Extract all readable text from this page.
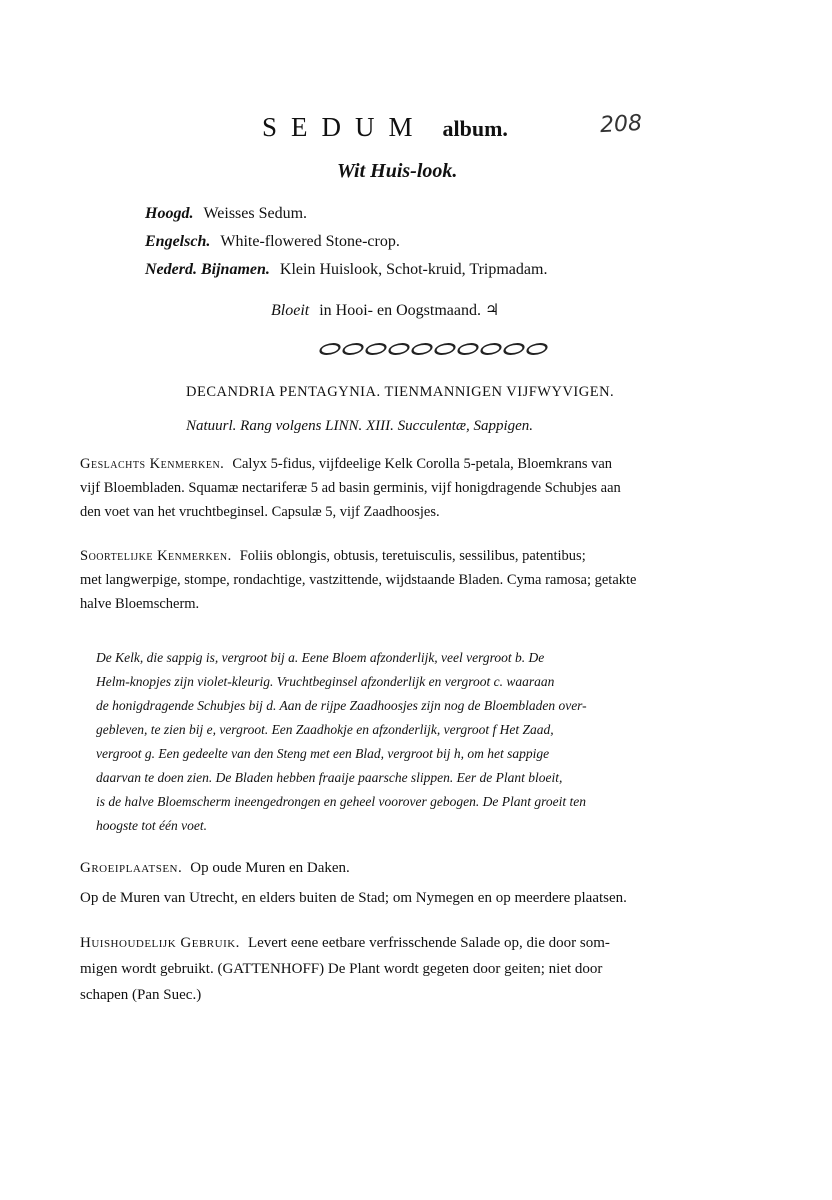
SEDUM album.	208
Wit Huis-look.
Hoogd. Weisses Sedum.
Engelsch. White-flowered Stone-crop.
Nederd. Bijnamen. Klein Huislook, Schot-kruid, Tripmadam.
Bloeit in Hooi- en Oogstmaand. ♃
DECANDRIA PENTAGYNIA. TIENMANNIGEN VIJFWYVIGEN.
Natuurl. Rang volgens LINN. XIII. Succulentæ, Sappigen.
Geslachts Kenmerken. Calyx 5-fidus, vijfdeelige Kelk Corolla 5-petala, Bloemkrans van
vijf Bloembladen. Squamæ nectariferæ 5 ad basin germinis, vijf honigdragende Schubjes aan
den voet van het vruchtbeginsel. Capsulæ 5, vijf Zaadhoosjes.
Soortelijke Kenmerken. Foliis oblongis, obtusis, teretuisculis, sessilibus, patentibus;
met langwerpige, stompe, rondachtige, vastzittende, wijdstaande Bladen. Cyma ramosa; getakte
halve Bloemscherm.
De Kelk, die sappig is, vergroot bij a. Eene Bloem afzonderlijk, veel vergroot b. De
Helm-knopjes zijn violet-kleurig. Vruchtbeginsel afzonderlijk en vergroot c. waaraan
de honigdragende Schubjes bij d. Aan de rijpe Zaadhoosjes zijn nog de Bloembladen over-
gebleven, te zien bij e, vergroot. Een Zaadhokje en afzonderlijk, vergroot f Het Zaad,
vergroot g. Een gedeelte van den Steng met een Blad, vergroot bij h, om het sappige
daarvan te doen zien. De Bladen hebben fraaije paarsche slippen. Eer de Plant bloeit,
is de halve Bloemscherm ineengedrongen en geheel voorover gebogen. De Plant groeit ten
hoogste tot één voet.
Groeiplaatsen. Op oude Muren en Daken.
Op de Muren van Utrecht, en elders buiten de Stad; om Nymegen en op meerdere plaatsen.
Huishoudelijk Gebruik. Levert eene eetbare verfrisschende Salade op, die door som-
migen wordt gebruikt. (GATTENHOFF) De Plant wordt gegeten door geiten; niet door
schapen (Pan Suec.)
